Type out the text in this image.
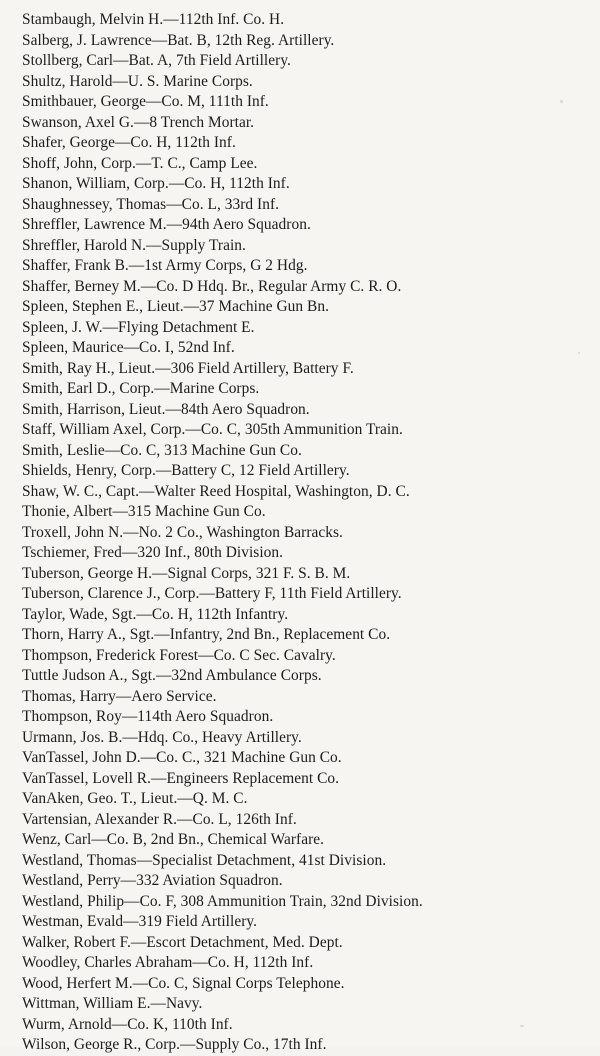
Stambaugh, Melvin H.—112th Inf. Co. H.
Salberg, J. Lawrence—Bat. B, 12th Reg. Artillery.
Stollberg, Carl—Bat. A, 7th Field Artillery.
Shultz, Harold—U. S. Marine Corps.
Smithbauer, George—Co. M, 111th Inf.
Swanson, Axel G.—8 Trench Mortar.
Shafer, George—Co. H, 112th Inf.
Shoff, John, Corp.—T. C., Camp Lee.
Shanon, William, Corp.—Co. H, 112th Inf.
Shaughnessey, Thomas—Co. L, 33rd Inf.
Shreffler, Lawrence M.—94th Aero Squadron.
Shreffler, Harold N.—Supply Train.
Shaffer, Frank B.—1st Army Corps, G 2 Hdg.
Shaffer, Berney M.—Co. D Hdq. Br., Regular Army C. R. O.
Spleen, Stephen E., Lieut.—37 Machine Gun Bn.
Spleen, J. W.—Flying Detachment E.
Spleen, Maurice—Co. I, 52nd Inf.
Smith, Ray H., Lieut.—306 Field Artillery, Battery F.
Smith, Earl D., Corp.—Marine Corps.
Smith, Harrison, Lieut.—84th Aero Squadron.
Staff, William Axel, Corp.—Co. C, 305th Ammunition Train.
Smith, Leslie—Co. C, 313 Machine Gun Co.
Shields, Henry, Corp.—Battery C, 12 Field Artillery.
Shaw, W. C., Capt.—Walter Reed Hospital, Washington, D. C.
Thonie, Albert—315 Machine Gun Co.
Troxell, John N.—No. 2 Co., Washington Barracks.
Tschiemer, Fred—320 Inf., 80th Division.
Tuberson, George H.—Signal Corps, 321 F. S. B. M.
Tuberson, Clarence J., Corp.—Battery F, 11th Field Artillery.
Taylor, Wade, Sgt.—Co. H, 112th Infantry.
Thorn, Harry A., Sgt.—Infantry, 2nd Bn., Replacement Co.
Thompson, Frederick Forest—Co. C Sec. Cavalry.
Tuttle Judson A., Sgt.—32nd Ambulance Corps.
Thomas, Harry—Aero Service.
Thompson, Roy—114th Aero Squadron.
Urmann, Jos. B.—Hdq. Co., Heavy Artillery.
VanTassel, John D.—Co. C., 321 Machine Gun Co.
VanTassel, Lovell R.—Engineers Replacement Co.
VanAken, Geo. T., Lieut.—Q. M. C.
Vartensian, Alexander R.—Co. L, 126th Inf.
Wenz, Carl—Co. B, 2nd Bn., Chemical Warfare.
Westland, Thomas—Specialist Detachment, 41st Division.
Westland, Perry—332 Aviation Squadron.
Westland, Philip—Co. F, 308 Ammunition Train, 32nd Division.
Westman, Evald—319 Field Artillery.
Walker, Robert F.—Escort Detachment, Med. Dept.
Woodley, Charles Abraham—Co. H, 112th Inf.
Wood, Herfert M.—Co. C, Signal Corps Telephone.
Wittman, William E.—Navy.
Wurm, Arnold—Co. K, 110th Inf.
Wilson, George R., Corp.—Supply Co., 17th Inf.
